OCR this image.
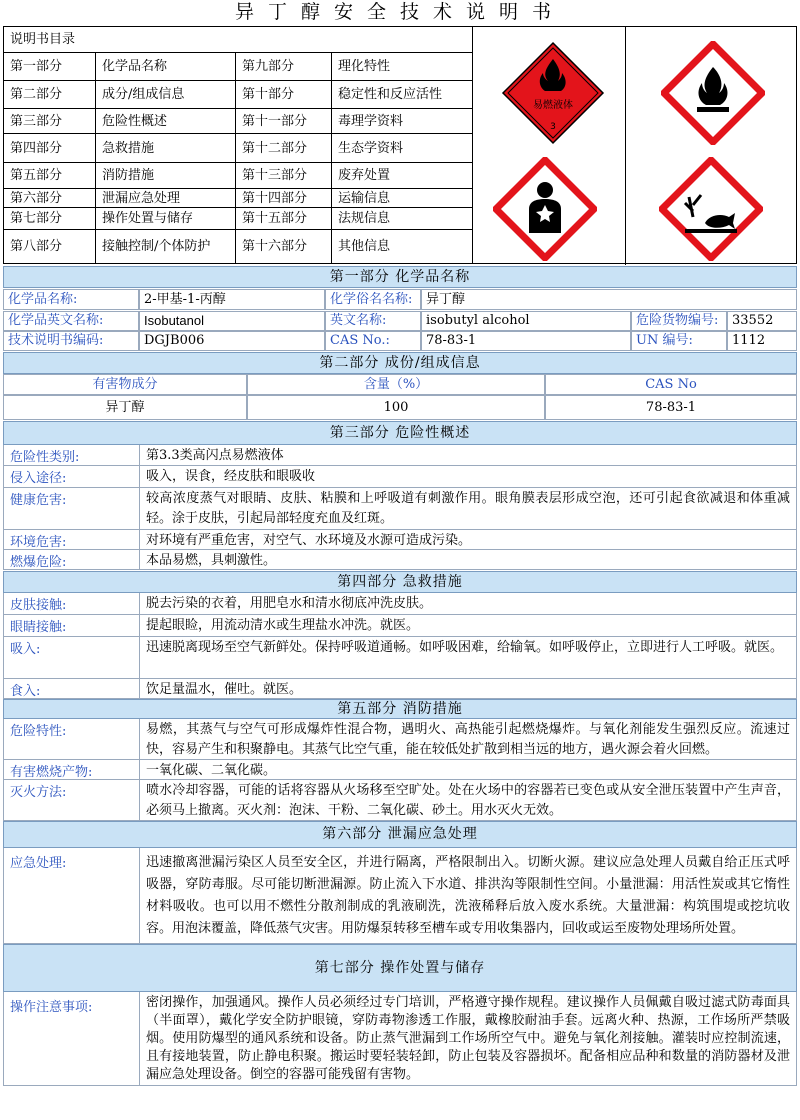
异丁醇安全技术说明书
说明书目录
第一部分	化学品名称	第九部分	理化特性
第二部分	成分/组成信息	第十部分	稳定性和反应活性
第三部分	危险性概述	第十一部分	毒理学资料
第四部分	急救措施	第十二部分	生态学资料
第五部分	消防措施	第十三部分	废弃处置
第六部分	泄漏应急处理	第十四部分	运输信息
第七部分	操作处置与储存	第十五部分	法规信息
第八部分	接触控制/个体防护	第十六部分	其他信息
易燃液体
3
第一部分 化学品名称
化学品名称:	2-甲基-1-丙醇	化学俗名名称:	异丁醇
化学品英文名称:	Isobutanol	英文名称:	isobutyl alcohol	危险货物编号:	33552
技术说明书编码:	DGJB006	CAS No.:	78-83-1	UN 编号:	1112
第二部分 成份/组成信息
有害物成分	含量（%）	CAS No
异丁醇	100	78-83-1
第三部分 危险性概述
危险性类别:	第3.3类高闪点易燃液体
侵入途径:	吸入，误食，经皮肤和眼吸收
健康危害:	较高浓度蒸气对眼睛、皮肤、粘膜和上呼吸道有刺激作用。眼角膜表层形成空泡，还可引起食欲减退和体重减轻。涂于皮肤，引起局部轻度充血及红斑。
环境危害:	对环境有严重危害，对空气、水环境及水源可造成污染。
燃爆危险:	本品易燃，具刺激性。
第四部分 急救措施
皮肤接触:	脱去污染的衣着，用肥皂水和清水彻底冲洗皮肤。
眼睛接触:	提起眼睑，用流动清水或生理盐水冲洗。就医。
吸入:	迅速脱离现场至空气新鲜处。保持呼吸道通畅。如呼吸困难，给输氧。如呼吸停止，立即进行人工呼吸。就医。
食入:	饮足量温水，催吐。就医。
第五部分 消防措施
危险特性:	易燃，其蒸气与空气可形成爆炸性混合物，遇明火、高热能引起燃烧爆炸。与氧化剂能发生强烈反应。流速过快，容易产生和积聚静电。其蒸气比空气重，能在较低处扩散到相当远的地方，遇火源会着火回燃。
有害燃烧产物:	一氧化碳、二氧化碳。
灭火方法:	喷水冷却容器，可能的话将容器从火场移至空旷处。处在火场中的容器若已变色或从安全泄压装置中产生声音，必须马上撤离。灭火剂：泡沫、干粉、二氧化碳、砂土。用水灭火无效。
第六部分 泄漏应急处理
应急处理:	迅速撤离泄漏污染区人员至安全区，并进行隔离，严格限制出入。切断火源。建议应急处理人员戴自给正压式呼吸器，穿防毒服。尽可能切断泄漏源。防止流入下水道、排洪沟等限制性空间。小量泄漏：用活性炭或其它惰性材料吸收。也可以用不燃性分散剂制成的乳液刷洗，洗液稀释后放入废水系统。大量泄漏：构筑围堤或挖坑收容。用泡沫覆盖，降低蒸气灾害。用防爆泵转移至槽车或专用收集器内，回收或运至废物处理场所处置。
第七部分 操作处置与储存
操作注意事项:	密闭操作，加强通风。操作人员必须经过专门培训，严格遵守操作规程。建议操作人员佩戴自吸过滤式防毒面具（半面罩），戴化学安全防护眼镜，穿防毒物渗透工作服，戴橡胶耐油手套。远离火种、热源，工作场所严禁吸烟。使用防爆型的通风系统和设备。防止蒸气泄漏到工作场所空气中。避免与氧化剂接触。灌装时应控制流速，且有接地装置，防止静电积聚。搬运时要轻装轻卸，防止包装及容器损坏。配备相应品种和数量的消防器材及泄漏应急处理设备。倒空的容器可能残留有害物。
